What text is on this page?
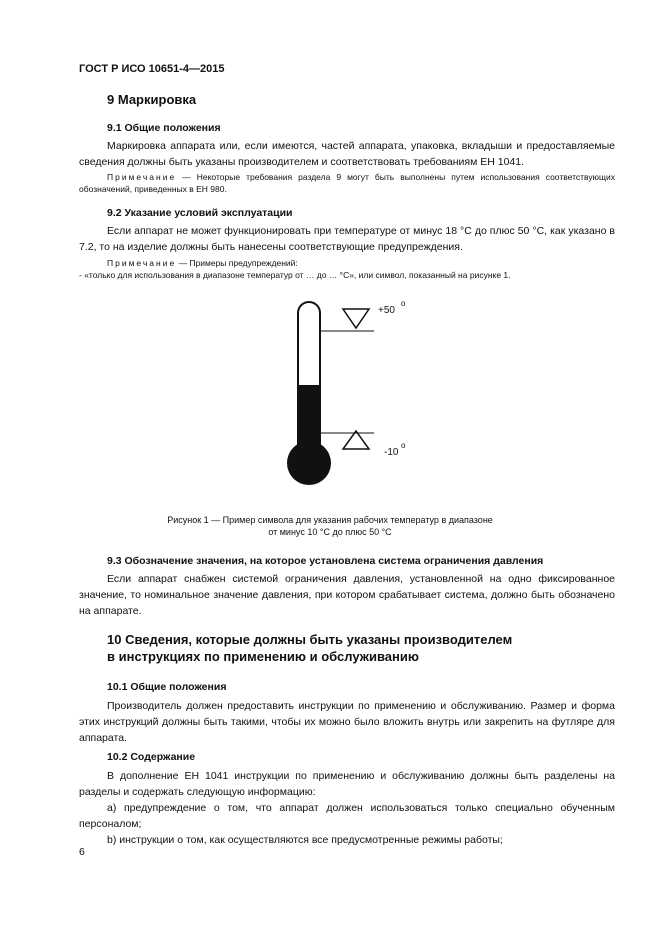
ГОСТ Р ИСО 10651-4—2015
9 Маркировка
9.1 Общие положения
Маркировка аппарата или, если имеются, частей аппарата, упаковка, вкладыши и предоставляемые сведения должны быть указаны производителем и соответствовать требованиям ЕН 1041.
Примечание — Некоторые требования раздела 9 могут быть выполнены путем использования соответствующих обозначений, приведенных в ЕН 980.
9.2 Указание условий эксплуатации
Если аппарат не может функционировать при температуре от минус 18 °С до плюс 50 °С, как указано в 7.2, то на изделие должны быть нанесены соответствующие предупреждения.
Примечание — Примеры предупреждений:
- «только для использования в диапазоне температур от … до … °С», или символ, показанный на рисунке 1.
+50
o
-10
o
Рисунок 1 — Пример символа для указания рабочих температур в диапазоне
от минус 10 °С до плюс 50 °С
9.3 Обозначение значения, на которое установлена система ограничения давления
Если аппарат снабжен системой ограничения давления, установленной на одно фиксированное значение, то номинальное значение давления, при котором срабатывает система, должно быть обозначено на аппарате.
10 Сведения, которые должны быть указаны производителем
в инструкциях по применению и обслуживанию
10.1 Общие положения
Производитель должен предоставить инструкции по применению и обслуживанию. Размер и форма этих инструкций должны быть такими, чтобы их можно было вложить внутрь или закрепить на футляре для аппарата.
10.2 Содержание
В дополнение ЕН 1041 инструкции по применению и обслуживанию должны быть разделены на разделы и содержать следующую информацию:
а) предупреждение о том, что аппарат должен использоваться только специально обученным персоналом;
b) инструкции о том, как осуществляются все предусмотренные режимы работы;
6
